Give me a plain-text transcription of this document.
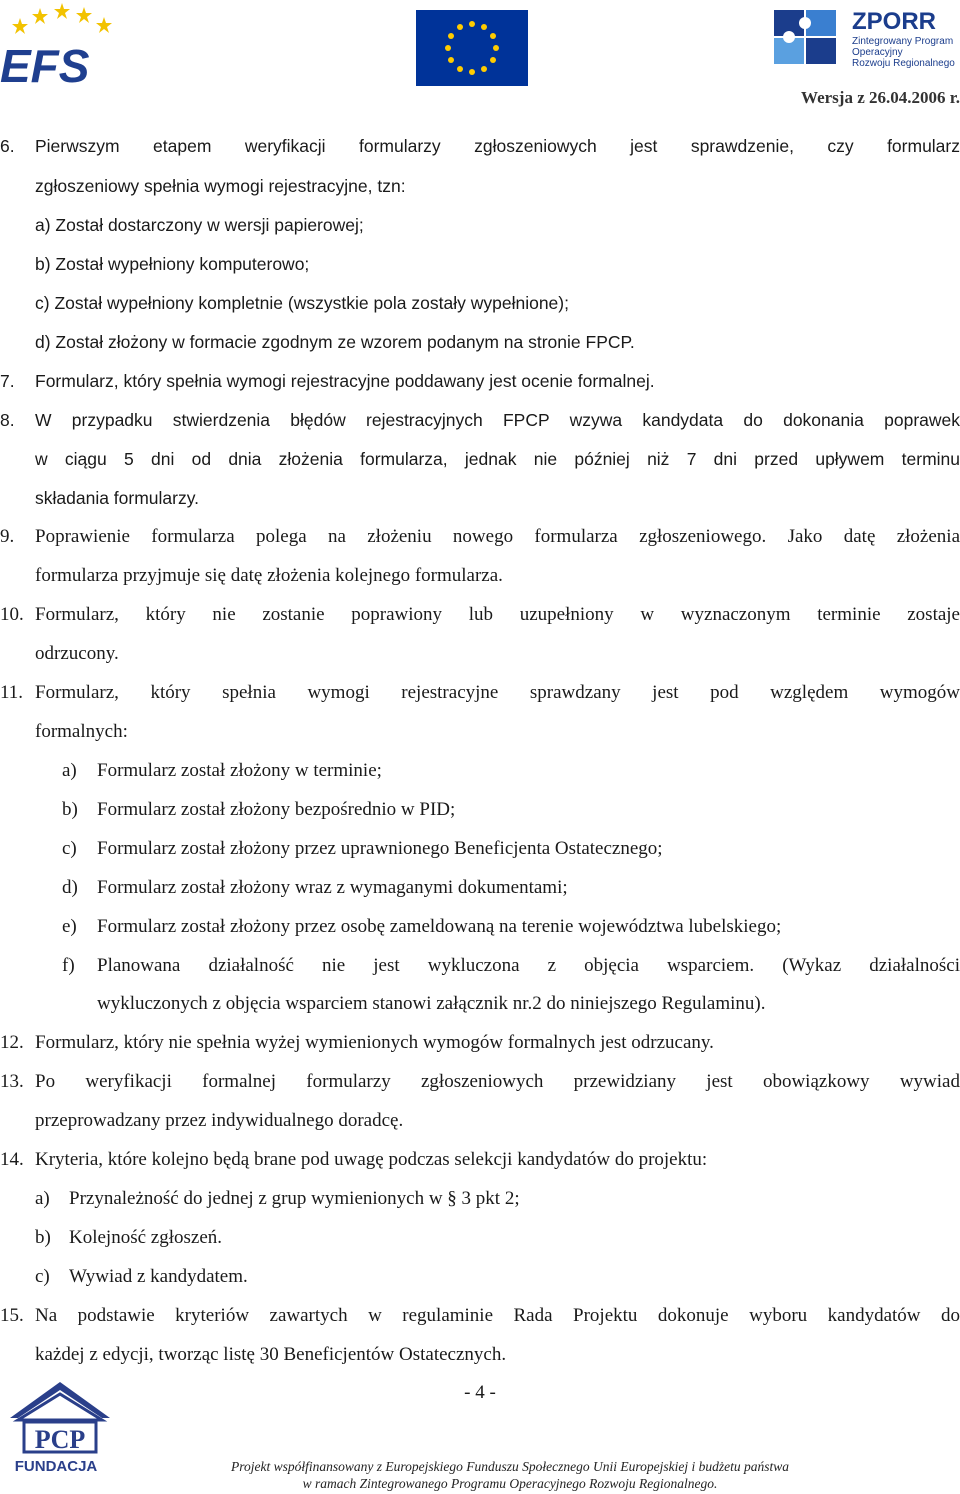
EFS
ZPORR
Zintegrowany Program
Operacyjny
Rozwoju Regionalnego
Wersja z 26.04.2006 r.
6. Pierwszym etapem weryfikacji formularzy zgłoszeniowych jest sprawdzenie, czy formularz
zgłoszeniowy spełnia wymogi rejestracyjne, tzn:
a) Został dostarczony w wersji papierowej;
b) Został wypełniony komputerowo;
c) Został wypełniony kompletnie (wszystkie pola zostały wypełnione);
d) Został złożony w formacie zgodnym ze wzorem podanym na stronie FPCP.
7. Formularz, który spełnia wymogi rejestracyjne poddawany jest ocenie formalnej.
8. W przypadku stwierdzenia błędów rejestracyjnych FPCP wzywa kandydata do dokonania poprawek
w ciągu 5 dni od dnia złożenia formularza, jednak nie później niż 7 dni przed upływem terminu
składania formularzy.
9. Poprawienie formularza polega na złożeniu nowego formularza zgłoszeniowego. Jako datę złożenia
formularza przyjmuje się datę złożenia kolejnego formularza.
10. Formularz, który nie zostanie poprawiony lub uzupełniony w wyznaczonym terminie zostaje
odrzucony.
11. Formularz, który spełnia wymogi rejestracyjne sprawdzany jest pod względem wymogów
formalnych:
a) Formularz został złożony w terminie;
b) Formularz został złożony bezpośrednio w PID;
c) Formularz został złożony przez uprawnionego Beneficjenta Ostatecznego;
d) Formularz został złożony wraz z wymaganymi dokumentami;
e) Formularz został złożony przez osobę zameldowaną na terenie województwa lubelskiego;
f) Planowana działalność nie jest wykluczona z objęcia wsparciem. (Wykaz działalności
wykluczonych z objęcia wsparciem stanowi załącznik nr.2 do niniejszego Regulaminu).
12. Formularz, który nie spełnia wyżej wymienionych wymogów formalnych jest odrzucany.
13. Po weryfikacji formalnej formularzy zgłoszeniowych przewidziany jest obowiązkowy wywiad
przeprowadzany przez indywidualnego doradcę.
14. Kryteria, które kolejno będą brane pod uwagę podczas selekcji kandydatów do projektu:
a)	Przynależność do jednej z grup wymienionych w § 3 pkt 2;
b) Kolejność zgłoszeń.
c)	Wywiad z kandydatem.
15. Na podstawie kryteriów zawartych w regulaminie Rada Projektu dokonuje wyboru kandydatów do
każdej z edycji, tworząc listę 30 Beneficjentów Ostatecznych.
- 4 -
PCP
FUNDACJA	Projekt współfinansowany z Europejskiego Funduszu Społecznego Unii Europejskiej i budżetu państwa
w ramach Zintegrowanego Programu Operacyjnego Rozwoju Regionalnego.
